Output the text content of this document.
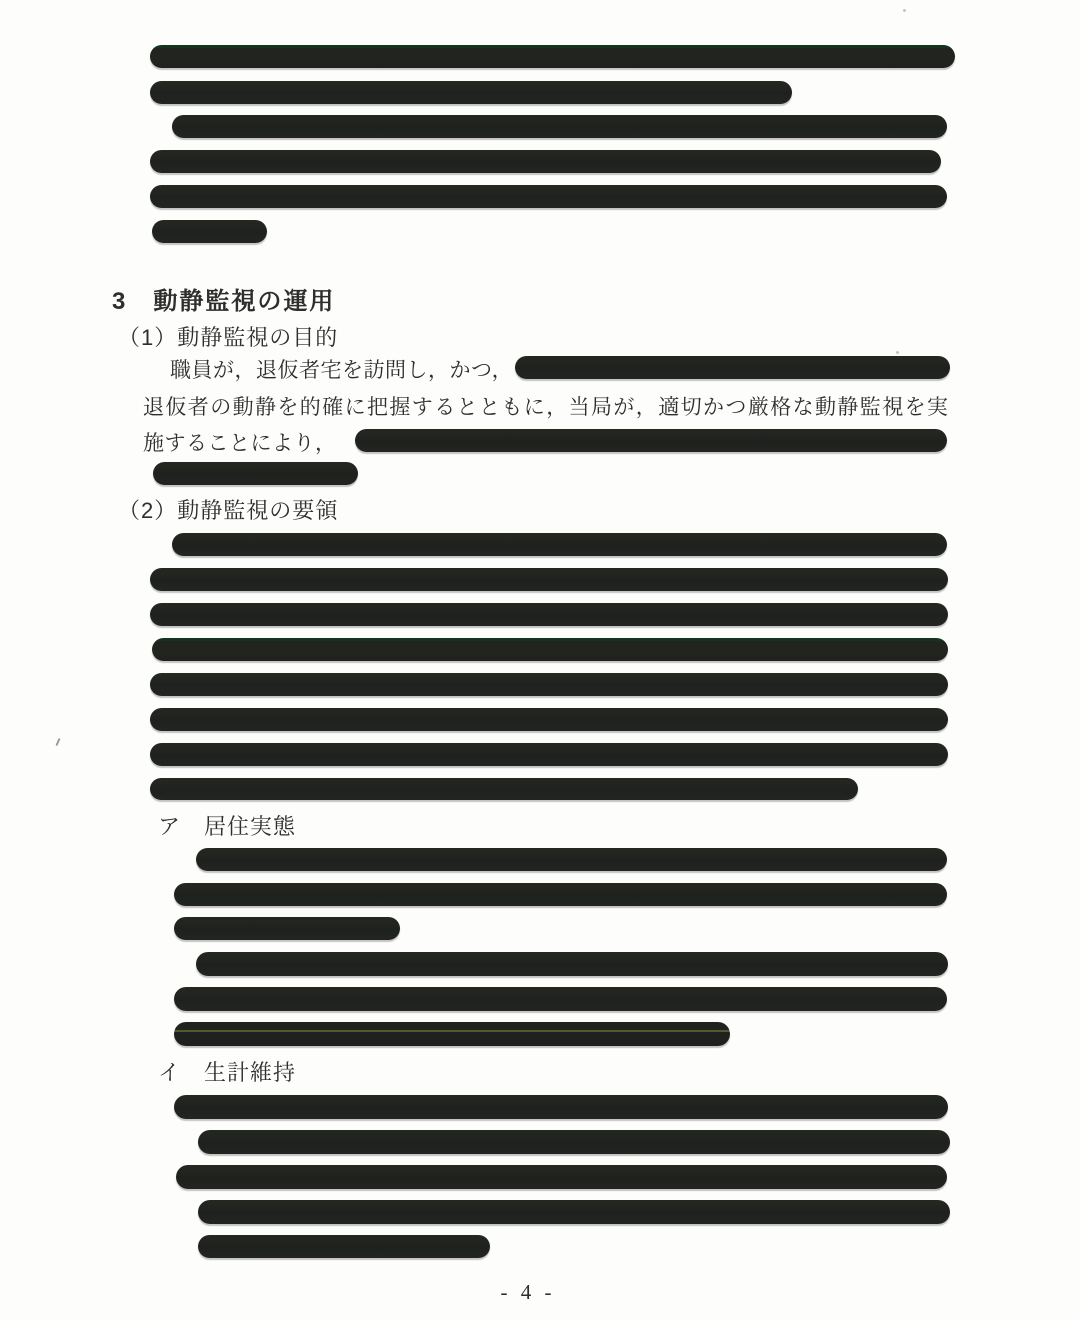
3　動静監視の運用
（1）動静監視の目的
職員が，退仮者宅を訪問し，かつ，
退仮者の動静を的確に把握するとともに，当局が，適切かつ厳格な動静監視を実
施することにより，
（2）動静監視の要領
ア　居住実態
イ　生計維持
- 4 -
